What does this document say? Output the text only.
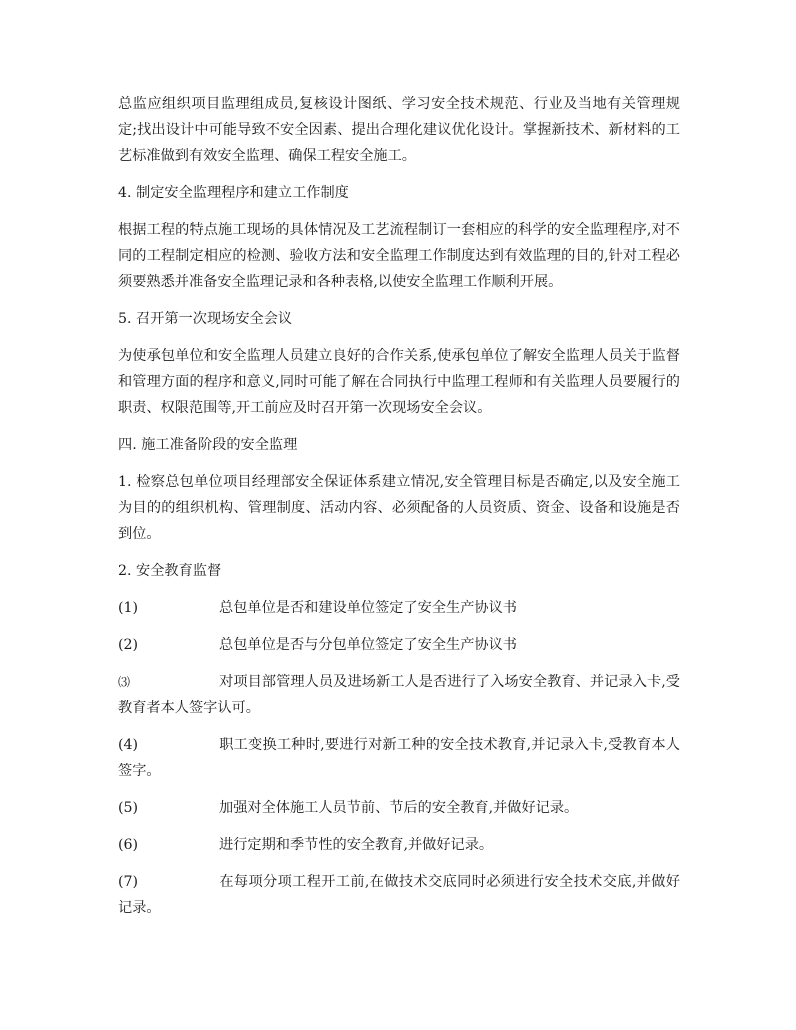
总监应组织项目监理组成员,复核设计图纸、学习安全技术规范、行业及当地有关管理规定;找出设计中可能导致不安全因素、提出合理化建议优化设计。掌握新技术、新材料的工艺标准做到有效安全监理、确保工程安全施工。

4. 制定安全监理程序和建立工作制度

根据工程的特点施工现场的具体情况及工艺流程制订一套相应的科学的安全监理程序,对不同的工程制定相应的检测、验收方法和安全监理工作制度达到有效监理的目的,针对工程必须要熟悉并准备安全监理记录和各种表格,以使安全监理工作顺利开展。

5. 召开第一次现场安全会议

为使承包单位和安全监理人员建立良好的合作关系,使承包单位了解安全监理人员关于监督和管理方面的程序和意义,同时可能了解在合同执行中监理工程师和有关监理人员要履行的职责、权限范围等,开工前应及时召开第一次现场安全会议。

四. 施工准备阶段的安全监理

1. 检察总包单位项目经理部安全保证体系建立情况,安全管理目标是否确定,以及安全施工为目的的组织机构、管理制度、活动内容、必须配备的人员资质、资金、设备和设施是否到位。

2. 安全教育监督

(1)	总包单位是否和建设单位签定了安全生产协议书

(2)	总包单位是否与分包单位签定了安全生产协议书

⑶	对项目部管理人员及进场新工人是否进行了入场安全教育、并记录入卡,受教育者本人签字认可。

(4)	职工变换工种时,要进行对新工种的安全技术教育,并记录入卡,受教育本人签字。

(5)	加强对全体施工人员节前、节后的安全教育,并做好记录。

(6)	进行定期和季节性的安全教育,并做好记录。

(7)	在每项分项工程开工前,在做技术交底同时必须进行安全技术交底,并做好记录。
